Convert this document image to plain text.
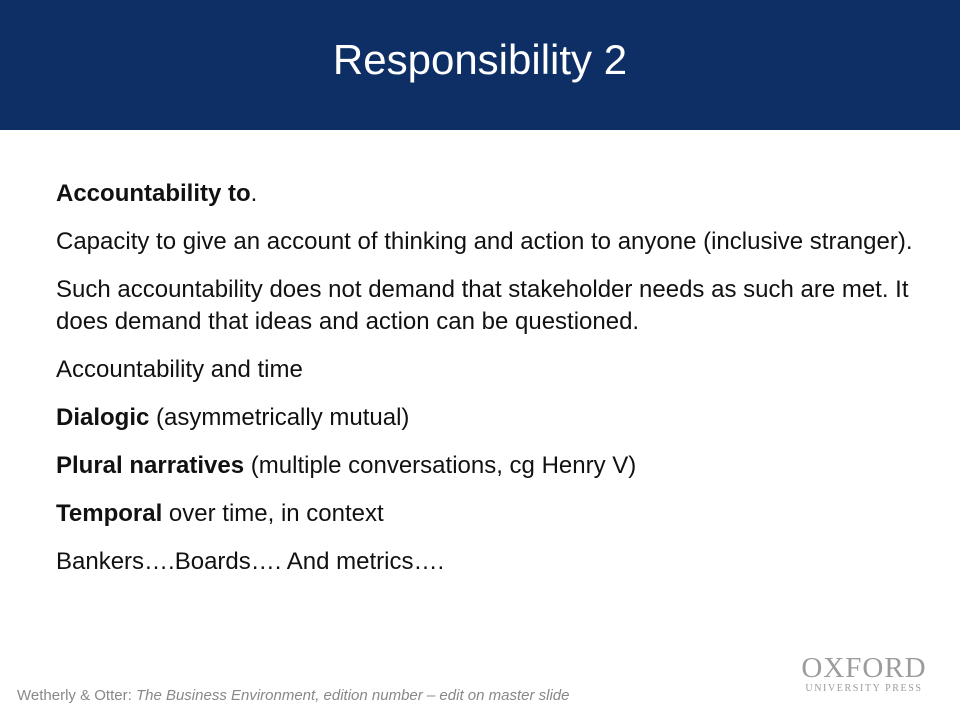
Responsibility 2

Accountability to.

Capacity to give an account of thinking and action to anyone (inclusive stranger).

Such accountability does not demand that stakeholder needs as such are met. It does demand that ideas and action can be questioned.

Accountability and time

Dialogic (asymmetrically mutual)

Plural narratives (multiple conversations, cg Henry V)

Temporal over time, in context

Bankers….Boards…. And metrics….

Wetherly & Otter: The Business Environment, edition number – edit on master slide
OXFORD
UNIVERSITY PRESS
